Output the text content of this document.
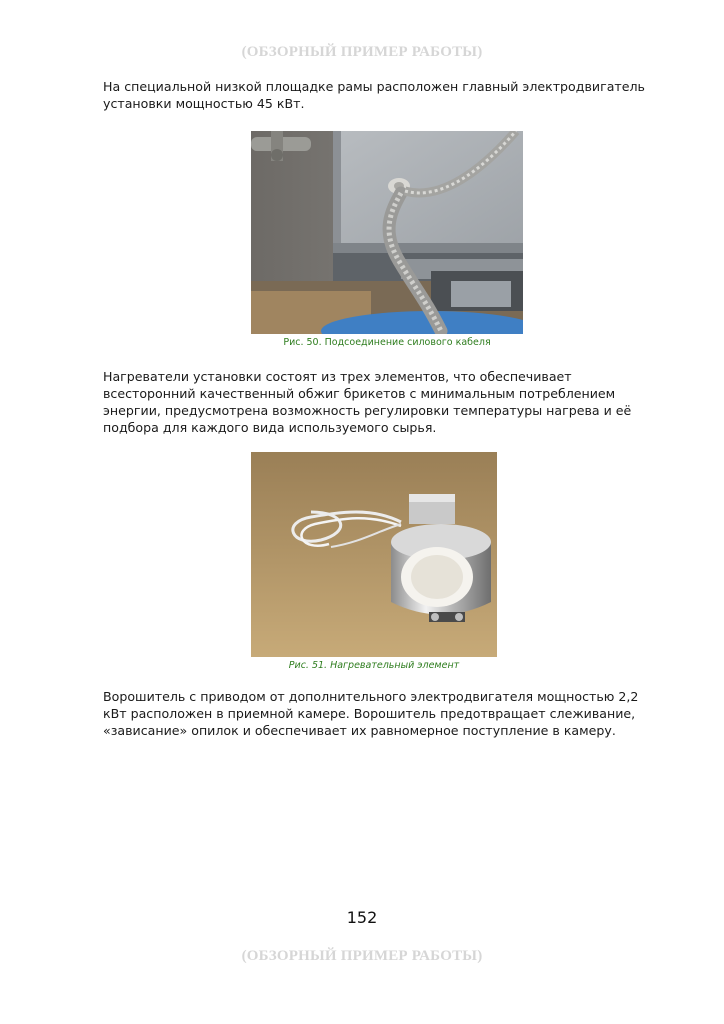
(ОБЗОРНЫЙ ПРИМЕР РАБОТЫ)

На специальной низкой площадке рамы расположен главный электродвигатель установки мощностью 45 кВт.

Рис. 50. Подсоединение силового кабеля

Нагреватели установки состоят из трех элементов, что обеспечивает всесторонний качественный обжиг брикетов с минимальным потреблением энергии, предусмотрена возможность регулировки температуры нагрева и её подбора для каждого вида используемого сырья.

Рис. 51. Нагревательный элемент

Ворошитель с приводом от дополнительного электродвигателя мощностью 2,2 кВт расположен в приемной камере. Ворошитель предотвращает слеживание, «зависание» опилок и обеспечивает их равномерное поступление в камеру.

152
(ОБЗОРНЫЙ ПРИМЕР РАБОТЫ)
